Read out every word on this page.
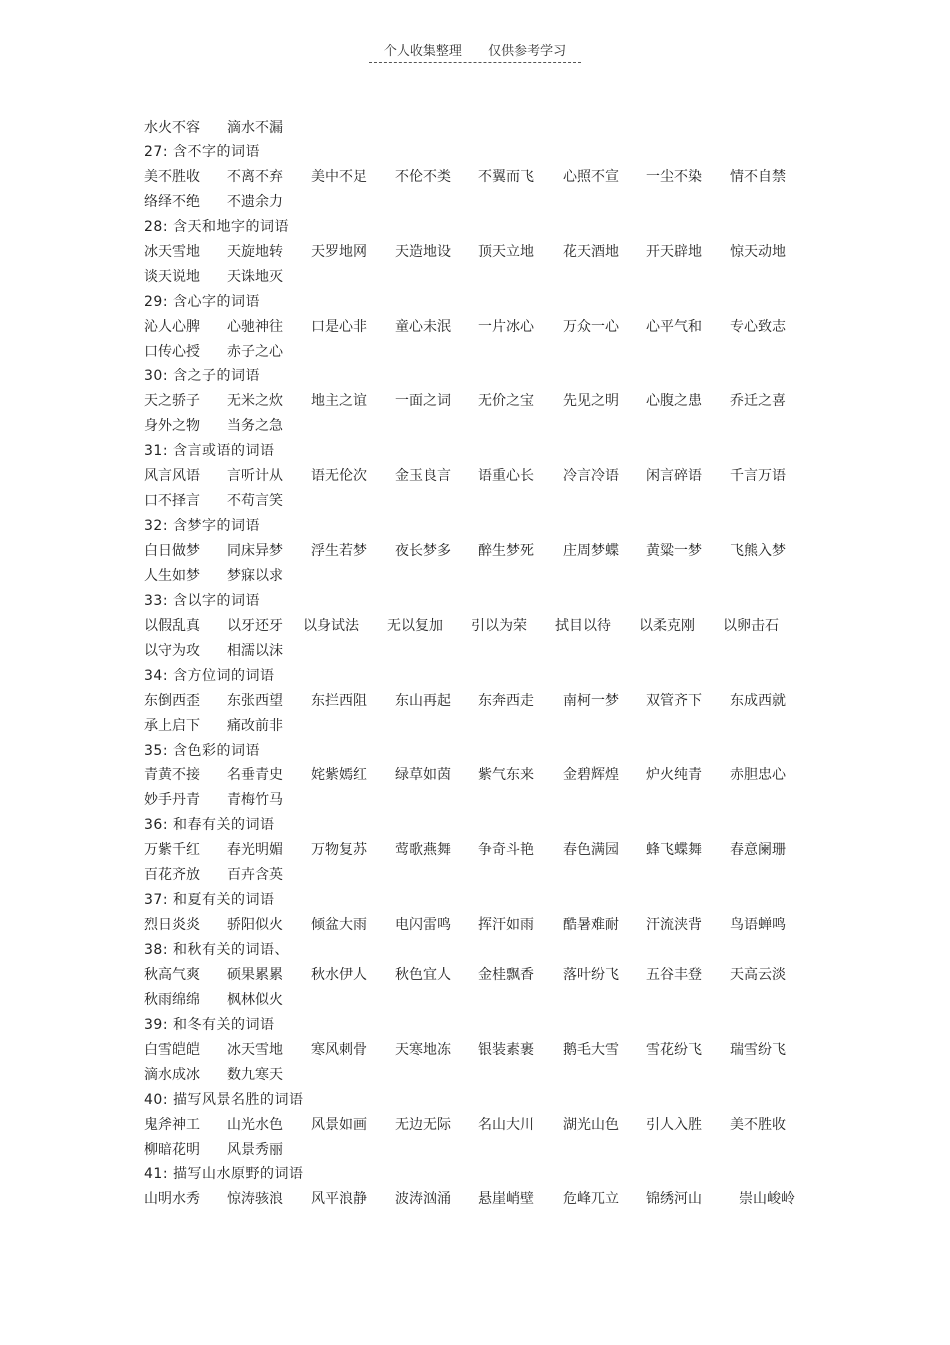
个人收集整理 仅供参考学习
水火不容 滴水不漏
27: 含不字的词语
美不胜收 不离不弃 美中不足 不伦不类 不翼而飞 心照不宣 一尘不染 情不自禁
络绎不绝 不遗余力
28: 含天和地字的词语
冰天雪地 天旋地转 天罗地网 天造地设 顶天立地 花天酒地 开天辟地 惊天动地
谈天说地 天诛地灭
29: 含心字的词语
沁人心脾 心驰神往 口是心非 童心未泯 一片冰心 万众一心 心平气和 专心致志
口传心授 赤子之心
30: 含之子的词语
天之骄子 无米之炊 地主之谊 一面之词 无价之宝 先见之明 心腹之患 乔迁之喜
身外之物 当务之急
31: 含言或语的词语
风言风语 言听计从 语无伦次 金玉良言 语重心长 冷言冷语 闲言碎语 千言万语
口不择言 不苟言笑
32: 含梦字的词语
白日做梦 同床异梦 浮生若梦 夜长梦多 醉生梦死 庄周梦蝶 黄粱一梦 飞熊入梦
人生如梦 梦寐以求
33: 含以字的词语
以假乱真 以牙还牙 以身试法 无以复加 引以为荣 拭目以待 以柔克刚 以卵击石
以守为攻 相濡以沫
34: 含方位词的词语
东倒西歪 东张西望 东拦西阻 东山再起 东奔西走 南柯一梦 双管齐下 东成西就
承上启下 痛改前非
35: 含色彩的词语
青黄不接 名垂青史 姹紫嫣红 绿草如茵 紫气东来 金碧辉煌 炉火纯青 赤胆忠心
妙手丹青 青梅竹马
36: 和春有关的词语
万紫千红 春光明媚 万物复苏 莺歌燕舞 争奇斗艳 春色满园 蜂飞蝶舞 春意阑珊
百花齐放 百卉含英
37: 和夏有关的词语
烈日炎炎 骄阳似火 倾盆大雨 电闪雷鸣 挥汗如雨 酷暑难耐 汗流浃背 鸟语蝉鸣
38: 和秋有关的词语、
秋高气爽 硕果累累 秋水伊人 秋色宜人 金桂飘香 落叶纷飞 五谷丰登 天高云淡
秋雨绵绵 枫林似火
39: 和冬有关的词语
白雪皑皑 冰天雪地 寒风刺骨 天寒地冻 银装素裹 鹅毛大雪 雪花纷飞 瑞雪纷飞
滴水成冰 数九寒天
40: 描写风景名胜的词语
鬼斧神工 山光水色 风景如画 无边无际 名山大川 湖光山色 引人入胜 美不胜收
柳暗花明 风景秀丽
41: 描写山水原野的词语
山明水秀 惊涛骇浪 风平浪静 波涛汹涌 悬崖峭壁 危峰兀立 锦绣河山	崇山峻岭
